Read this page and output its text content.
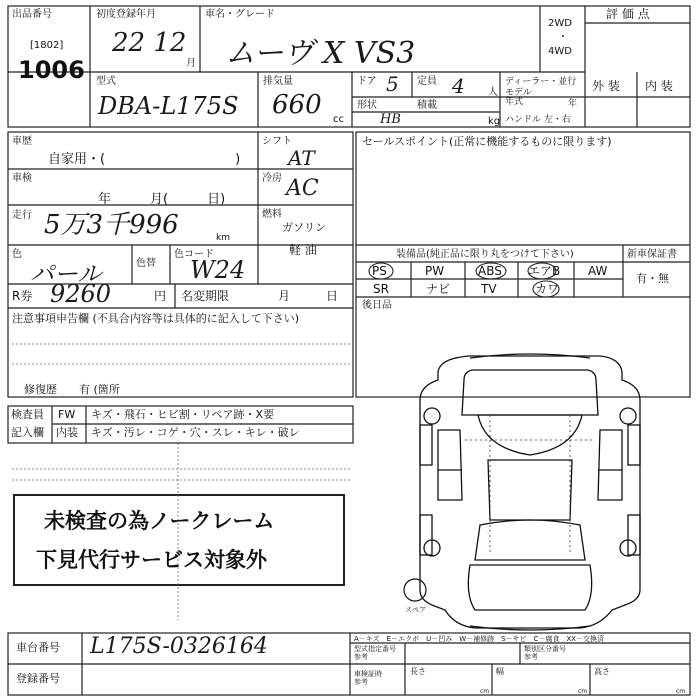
出品番号
[1802]
1006
初度登録年月
22 12
月
車名・グレード
ムーヴ X VS3
2WD
・
4WD
評 価 点
外 装 内 装
型式
DBA-L175S
排気量
660 cc
ドア 5 定員 4 人
形状
HB
積載
kg
ディーラー・並行
モデル
年式	年
ハンドル 左・右
車歴
自家用・(　　　　　　　　　　)
車検
年　　　月(　　　日)
走行 5万3千996	km
色
パール	色替
色コード
W24
シフト
AT
冷房 AC
燃料
ガソリン
軽 油
R券 9260	円 名変期限	月　　　日
注意事項申告欄 (不具合内容等は具体的に記入して下さい)
修復歴　　有 (箇所
セールスポイント(正常に機能するものに限ります)
装備品(純正品に限り丸をつけて下さい)	新車保証書
有・無
PS	PW	ABS エアB AW
SR	ナビ	TV	カワ
後日品
検査員
記入欄
FW キズ・飛石・ヒビ割・リペア跡・X要
内装 キズ・汚レ・コゲ・穴・スレ・キレ・破レ
未検査の為ノークレーム
下見代行サービス対象外
スペア
車台番号 L175S-0326164
登録番号
A－キズ　E－エクボ　U－凹み　W－補修跡　S－サビ　C－腐食　XX－交換済
型式指定番号
参考
類別区分番号
参考
車検証時
参考
長さ	幅	高さ
cm	cm	cm
